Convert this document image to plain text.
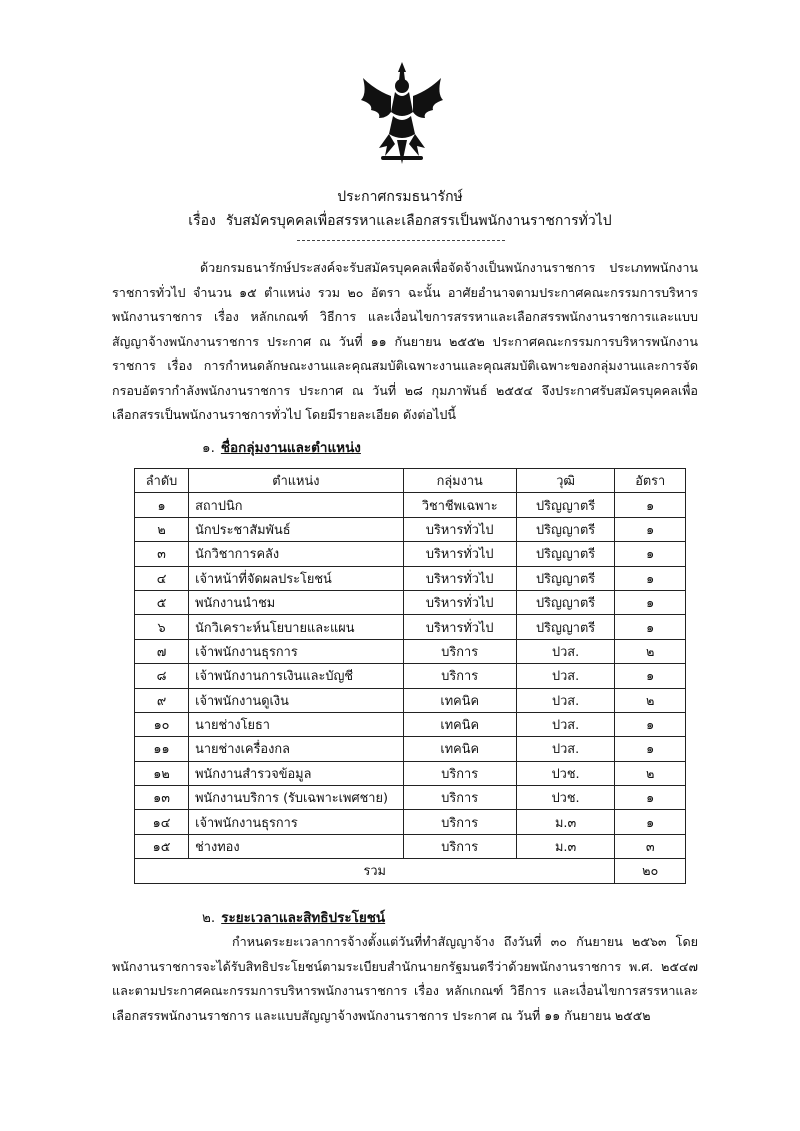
ประกาศกรมธนารักษ์
เรื่อง รับสมัครบุคคลเพื่อสรรหาและเลือกสรรเป็นพนักงานราชการทั่วไป
ด้วยกรมธนารักษ์ประสงค์จะรับสมัครบุคคลเพื่อจัดจ้างเป็นพนักงานราชการ ประเภทพนักงานราชการทั่วไป จำนวน ๑๕ ตำแหน่ง รวม ๒๐ อัตรา ฉะนั้น อาศัยอำนาจตามประกาศคณะกรรมการบริหารพนักงานราชการ เรื่อง หลักเกณฑ์ วิธีการ และเงื่อนไขการสรรหาและเลือกสรรพนักงานราชการและแบบสัญญาจ้างพนักงานราชการ ประกาศ ณ วันที่ ๑๑ กันยายน ๒๕๕๒ ประกาศคณะกรรมการบริหารพนักงานราชการ เรื่อง การกำหนดลักษณะงานและคุณสมบัติเฉพาะงานและคุณสมบัติเฉพาะของกลุ่มงานและการจัดกรอบอัตรากำลังพนักงานราชการ ประกาศ ณ วันที่ ๒๘ กุมภาพันธ์ ๒๕๕๔ จึงประกาศรับสมัครบุคคลเพื่อเลือกสรรเป็นพนักงานราชการทั่วไป โดยมีรายละเอียด ดังต่อไปนี้
๑. ชื่อกลุ่มงานและตำแหน่ง
ลำดับ	ตำแหน่ง	กลุ่มงาน	วุฒิ	อัตรา
๑	สถาปนิก	วิชาชีพเฉพาะ	ปริญญาตรี	๑
๒	นักประชาสัมพันธ์	บริหารทั่วไป	ปริญญาตรี	๑
๓	นักวิชาการคลัง	บริหารทั่วไป	ปริญญาตรี	๑
๔	เจ้าหน้าที่จัดผลประโยชน์	บริหารทั่วไป	ปริญญาตรี	๑
๕	พนักงานนำชม	บริหารทั่วไป	ปริญญาตรี	๑
๖	นักวิเคราะห์นโยบายและแผน	บริหารทั่วไป	ปริญญาตรี	๑
๗	เจ้าพนักงานธุรการ	บริการ	ปวส.	๒
๘	เจ้าพนักงานการเงินและบัญชี	บริการ	ปวส.	๑
๙	เจ้าพนักงานดูเงิน	เทคนิค	ปวส.	๒
๑๐	นายช่างโยธา	เทคนิค	ปวส.	๑
๑๑	นายช่างเครื่องกล	เทคนิค	ปวส.	๑
๑๒	พนักงานสำรวจข้อมูล	บริการ	ปวช.	๒
๑๓	พนักงานบริการ (รับเฉพาะเพศชาย)	บริการ	ปวช.	๑
๑๔	เจ้าพนักงานธุรการ	บริการ	ม.๓	๑
๑๕	ช่างทอง	บริการ	ม.๓	๓
รวม				๒๐
๒. ระยะเวลาและสิทธิประโยชน์
กำหนดระยะเวลาการจ้างตั้งแต่วันที่ทำสัญญาจ้าง ถึงวันที่ ๓๐ กันยายน ๒๕๖๓ โดยพนักงานราชการจะได้รับสิทธิประโยชน์ตามระเบียบสำนักนายกรัฐมนตรีว่าด้วยพนักงานราชการ พ.ศ. ๒๕๔๗ และตามประกาศคณะกรรมการบริหารพนักงานราชการ เรื่อง หลักเกณฑ์ วิธีการ และเงื่อนไขการสรรหาและเลือกสรรพนักงานราชการ และแบบสัญญาจ้างพนักงานราชการ ประกาศ ณ วันที่ ๑๑ กันยายน ๒๕๕๒
